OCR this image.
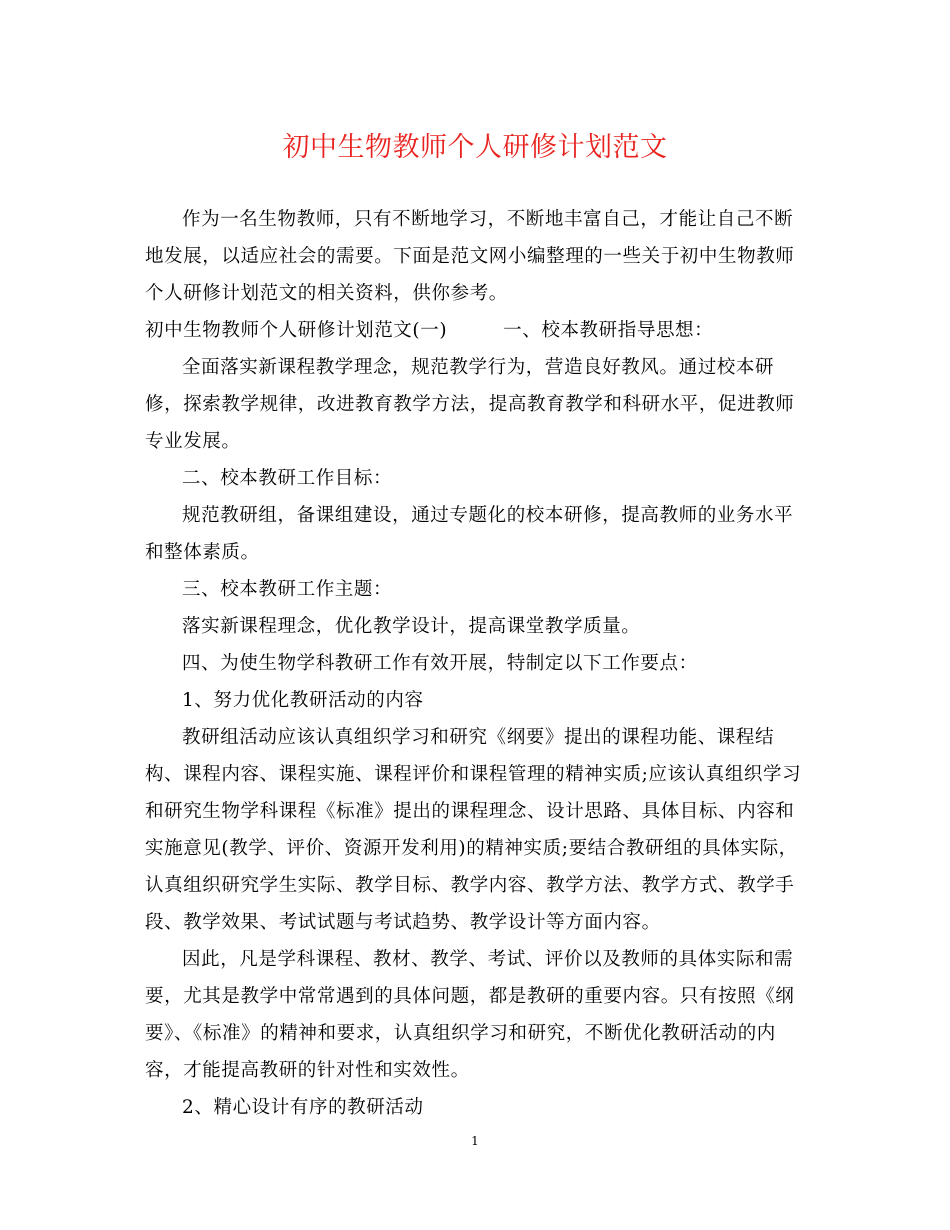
初中生物教师个人研修计划范文

作为一名生物教师，只有不断地学习，不断地丰富自己，才能让自己不断地发展，以适应社会的需要。下面是范文网小编整理的一些关于初中生物教师个人研修计划范文的相关资料，供你参考。

初中生物教师个人研修计划范文(一)	一、校本教研指导思想：

全面落实新课程教学理念，规范教学行为，营造良好教风。通过校本研修，探索教学规律，改进教育教学方法，提高教育教学和科研水平，促进教师专业发展。

二、校本教研工作目标：

规范教研组，备课组建设，通过专题化的校本研修，提高教师的业务水平和整体素质。

三、校本教研工作主题：

落实新课程理念，优化教学设计，提高课堂教学质量。

四、为使生物学科教研工作有效开展，特制定以下工作要点：

1、努力优化教研活动的内容

教研组活动应该认真组织学习和研究《纲要》提出的课程功能、课程结构、课程内容、课程实施、课程评价和课程管理的精神实质;应该认真组织学习和研究生物学科课程《标准》提出的课程理念、设计思路、具体目标、内容和实施意见(教学、评价、资源开发利用)的精神实质;要结合教研组的具体实际，认真组织研究学生实际、教学目标、教学内容、教学方法、教学方式、教学手段、教学效果、考试试题与考试趋势、教学设计等方面内容。

因此，凡是学科课程、教材、教学、考试、评价以及教师的具体实际和需要，尤其是教学中常常遇到的具体问题，都是教研的重要内容。只有按照《纲要》、《标准》的精神和要求，认真组织学习和研究，不断优化教研活动的内容，才能提高教研的针对性和实效性。

2、精心设计有序的教研活动

1
